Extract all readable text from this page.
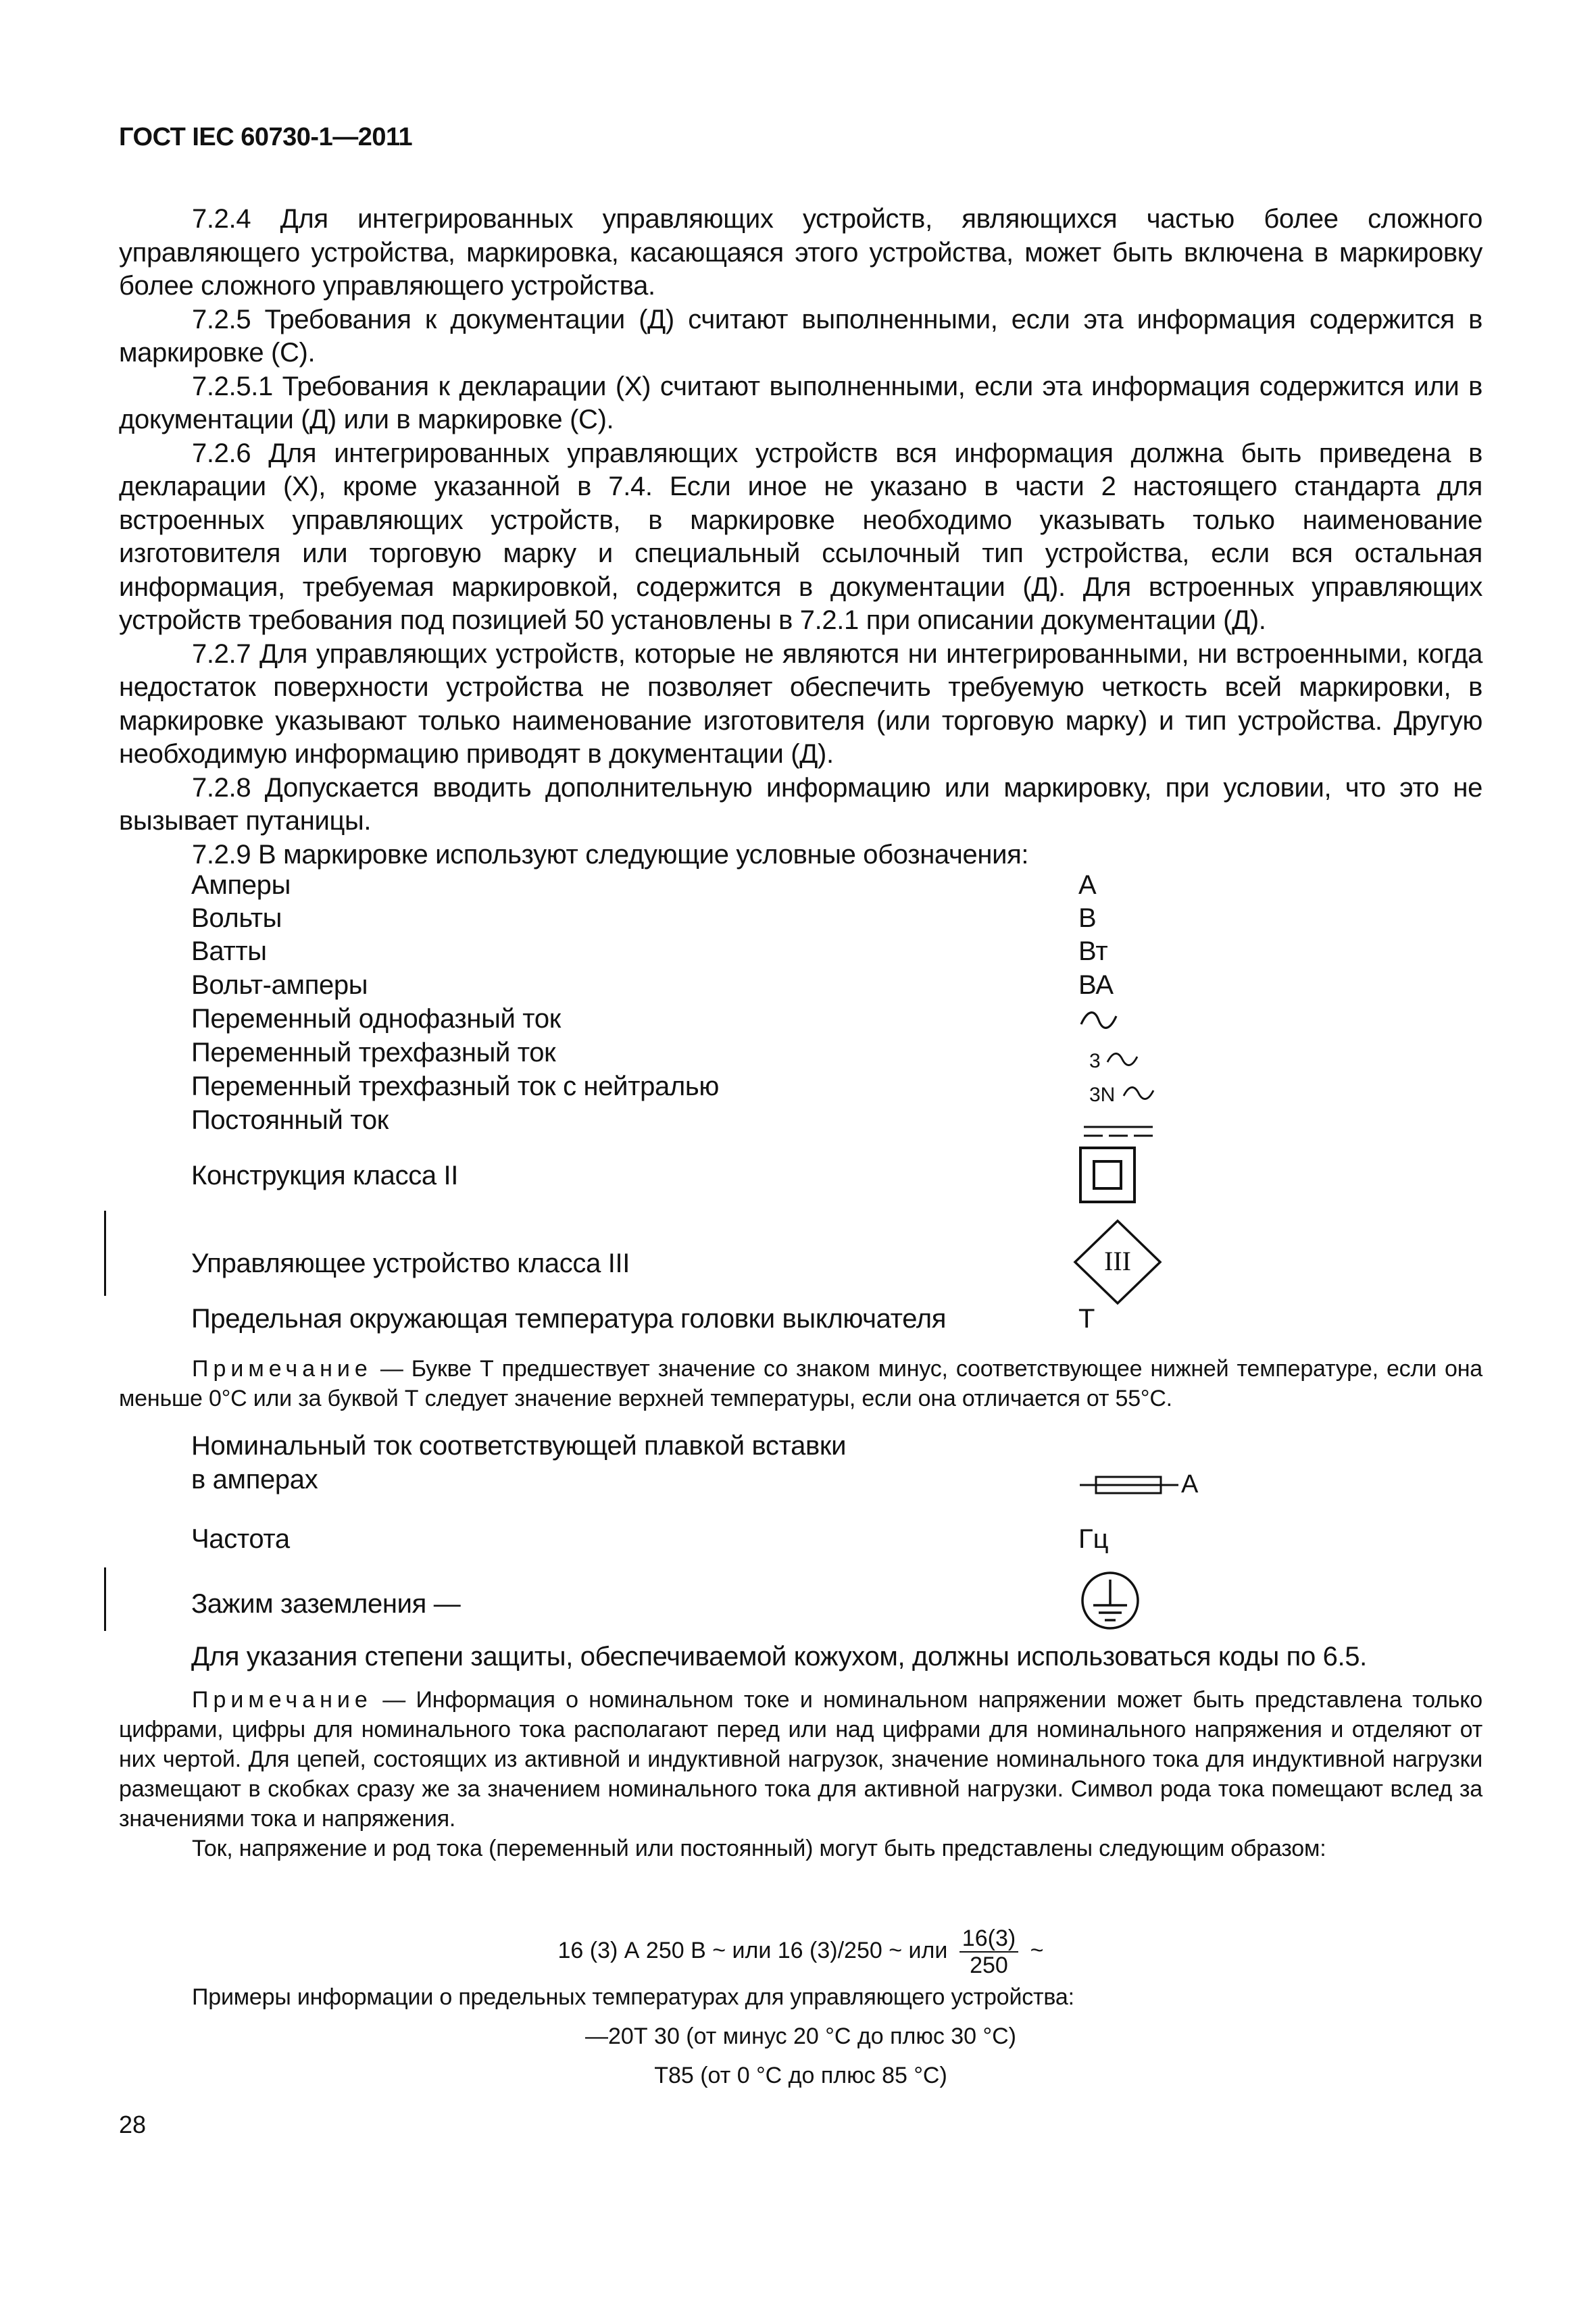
ГОСТ IEC 60730-1—2011

7.2.4 Для интегрированных управляющих устройств, являющихся частью более сложного управляющего устройства, маркировка, касающаяся этого устройства, может быть включена в маркировку более сложного управляющего устройства.

7.2.5 Требования к документации (Д) считают выполненными, если эта информация содержится в маркировке (С).

7.2.5.1 Требования к декларации (X) считают выполненными, если эта информация содержится или в документации (Д) или в маркировке (С).

7.2.6 Для интегрированных управляющих устройств вся информация должна быть приведена в декларации (X), кроме указанной в 7.4. Если иное не указано в части 2 настоящего стандарта для встроенных управляющих устройств, в маркировке необходимо указывать только наименование изготовителя или торговую марку и специальный ссылочный тип устройства, если вся остальная информация, требуемая маркировкой, содержится в документации (Д). Для встроенных управляющих устройств требования под позицией 50 установлены в 7.2.1 при описании документации (Д).

7.2.7 Для управляющих устройств, которые не являются ни интегрированными, ни встроенными, когда недостаток поверхности устройства не позволяет обеспечить требуемую четкость всей маркировки, в маркировке указывают только наименование изготовителя (или торговую марку) и тип устройства. Другую необходимую информацию приводят в документации (Д).

7.2.8 Допускается вводить дополнительную информацию или маркировку, при условии, что это не вызывает путаницы.

7.2.9 В маркировке используют следующие условные обозначения:

Амперы	А
Вольты	В
Ватты	Вт
Вольт-амперы	ВА
Переменный однофазный ток
Переменный трехфазный ток	3
Переменный трехфазный ток с нейтралью	3N
Постоянный ток
Конструкция класса II
Управляющее устройство класса III	III
Предельная окружающая температура головки выключателя	Т

Примечание — Букве Т предшествует значение со знаком минус, соответствующее нижней температуре, если она меньше 0°С или за буквой Т следует значение верхней температуры, если она отличается от 55°С.

Номинальный ток соответствующей плавкой вставки
в амперах	A
Частота	Гц
Зажим заземления —
Для указания степени защиты, обеспечиваемой кожухом, должны использоваться коды по 6.5.

Примечание — Информация о номинальном токе и номинальном напряжении может быть представлена только цифрами, цифры для номинального тока располагают перед или над цифрами для номинального напряжения и отделяют от них чертой. Для цепей, состоящих из активной и индуктивной нагрузок, значение номинального тока для индуктивной нагрузки размещают в скобках сразу же за значением номинального тока для активной нагрузки. Символ рода тока помещают вслед за значениями тока и напряжения.

Ток, напряжение и род тока (переменный или постоянный) могут быть представлены следующим образом:

16 (3) А 250 В ~ или 16 (3)/250 ~ или $\frac{16(3)}{250}$ ~

Примеры информации о предельных температурах для управляющего устройства:

—20Т 30 (от минус 20 °С до плюс 30 °С)
Т85 (от 0 °С до плюс 85 °С)
28
